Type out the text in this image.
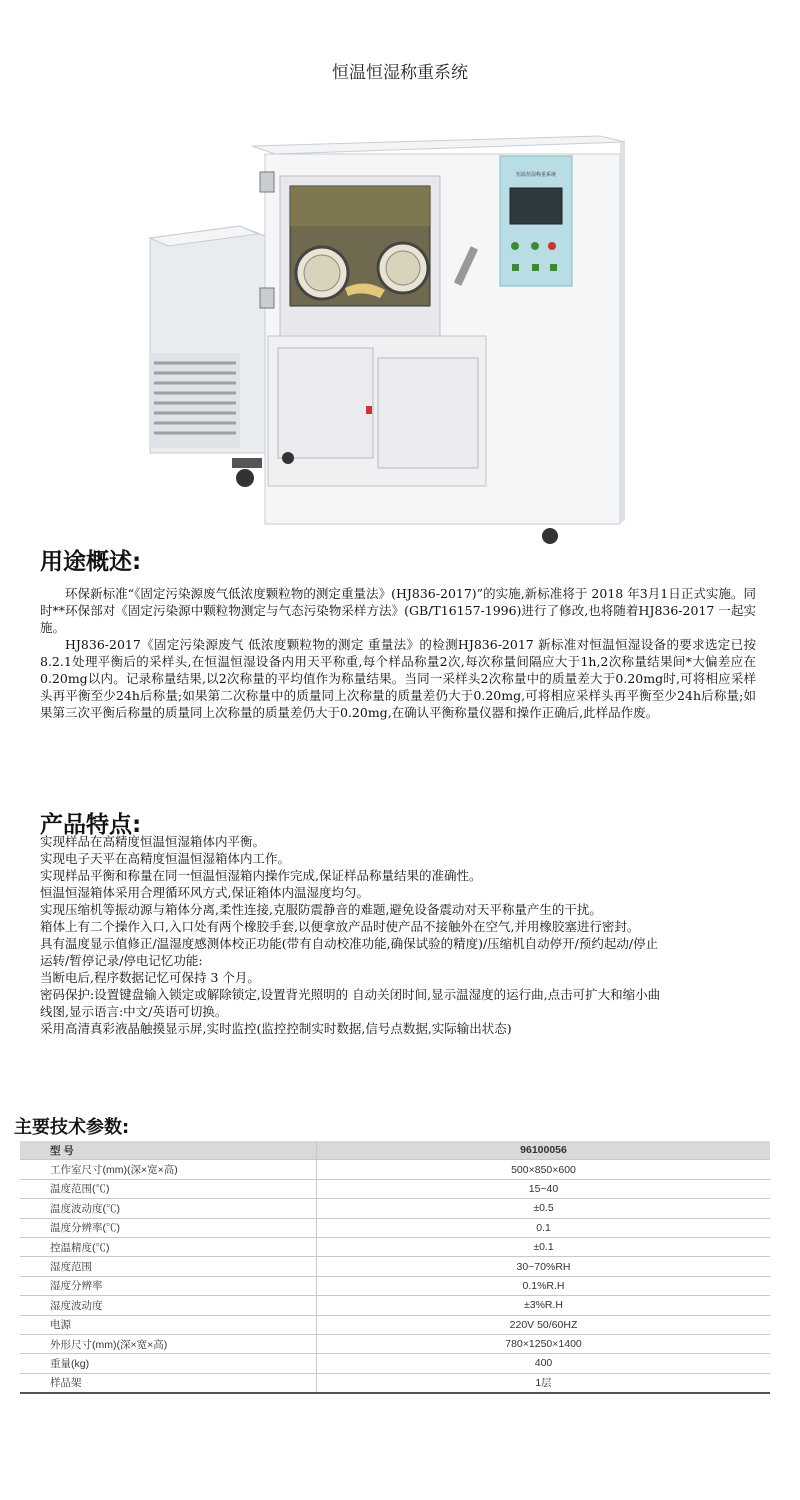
恒温恒湿称重系统
恒温恒湿称重系统
用途概述:

环保新标准“《固定污染源废气低浓度颗粒物的测定重量法》(HJ836-2017)”的实施,新标准将于 2018 年3月1日正式实施。同时**环保部对《固定污染源中颗粒物测定与气态污染物采样方法》(GB/T16157-1996)进行了修改,也将随着HJ836-2017 一起实施。

HJ836-2017《固定污染源废气 低浓度颗粒物的测定 重量法》的检测HJ836-2017 新标准对恒温恒湿设备的要求选定已按 8.2.1处理平衡后的采样头,在恒温恒湿设备内用天平称重,每个样品称量2次,每次称量间隔应大于1h,2次称量结果间*大偏差应在0.20mg以内。记录称量结果,以2次称量的平均值作为称量结果。当同一采样头2次称量中的质量差大于0.20mg时,可将相应采样头再平衡至少24h后称量;如果第二次称量中的质量同上次称量的质量差仍大于0.20mg,可将相应采样头再平衡至少24h后称量;如果第三次平衡后称量的质量同上次称量的质量差仍大于0.20mg,在确认平衡称量仪器和操作正确后,此样品作废。

产品特点:
实现样品在高精度恒温恒湿箱体内平衡。
实现电子天平在高精度恒温恒湿箱体内工作。
实现样品平衡和称量在同一恒温恒湿箱内操作完成,保证样品称量结果的准确性。
恒温恒湿箱体采用合理循环风方式,保证箱体内温湿度均匀。
实现压缩机等振动源与箱体分离,柔性连接,克服防震静音的难题,避免设备震动对天平称量产生的干扰。
箱体上有二个操作入口,入口处有两个橡胶手套,以便拿放产品时使产品不接触外在空气,并用橡胶塞进行密封。
具有温度显示值修正/温湿度感测体校正功能(带有自动校准功能,确保试验的精度)/压缩机自动停开/预约起动/停止运转/暂停记录/停电记忆功能:
当断电后,程序数据记忆可保持 3 个月。
密码保护:设置键盘输入锁定或解除锁定,设置背光照明的 自动关闭时间,显示温湿度的运行曲,点击可扩大和缩小曲线图,显示语言:中文/英语可切换。
采用高清真彩液晶触摸显示屏,实时监控(监控控制实时数据,信号点数据,实际输出状态)
主要技术参数:
型 号	96100056
工作室尺寸(mm)(深×宽×高)	500×850×600
温度范围(℃)	15~40
温度波动度(℃)	±0.5
温度分辨率(℃)	0.1
控温精度(℃)	±0.1
湿度范围	30~70%RH
湿度分辨率	0.1%R.H
湿度波动度	±3%R.H
电源	220V 50/60HZ
外形尺寸(mm)(深×宽×高)	780×1250×1400
重量(kg)	400
样品架	1层
